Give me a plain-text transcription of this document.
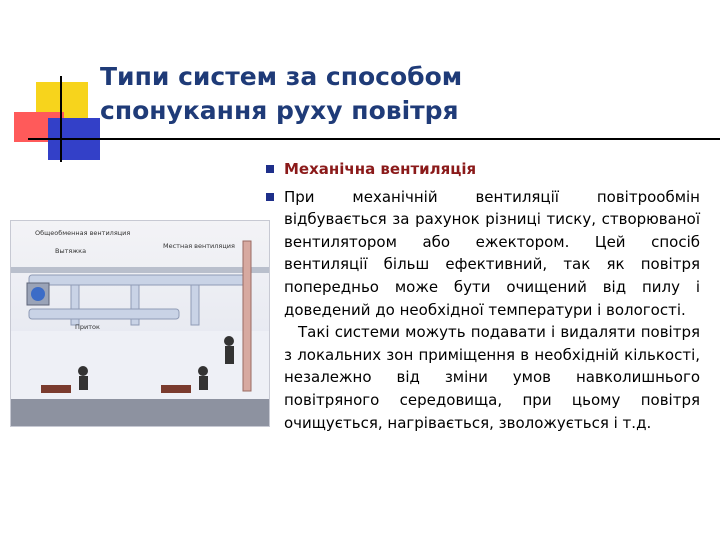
Типи систем за способом
спонукання руху повітря
Общеобменная вентиляция
Вытяжка
Местная вентиляция
Приток
Механічна вентиляція

При механічній вентиляції повітрообмін відбувається за рахунок різниці тиску, створюваної вентилятором або ежектором. Цей спосіб вентиляції більш ефективний, так як повітря попередньо може бути очищений від пилу і доведений до необхідної температури і вологості.

Такі системи можуть подавати і видаляти повітря з локальних зон приміщення в необхідній кількості, незалежно від зміни умов навколишнього повітряного середовища, при цьому повітря очищується, нагрівається, зволожується і т.д.
